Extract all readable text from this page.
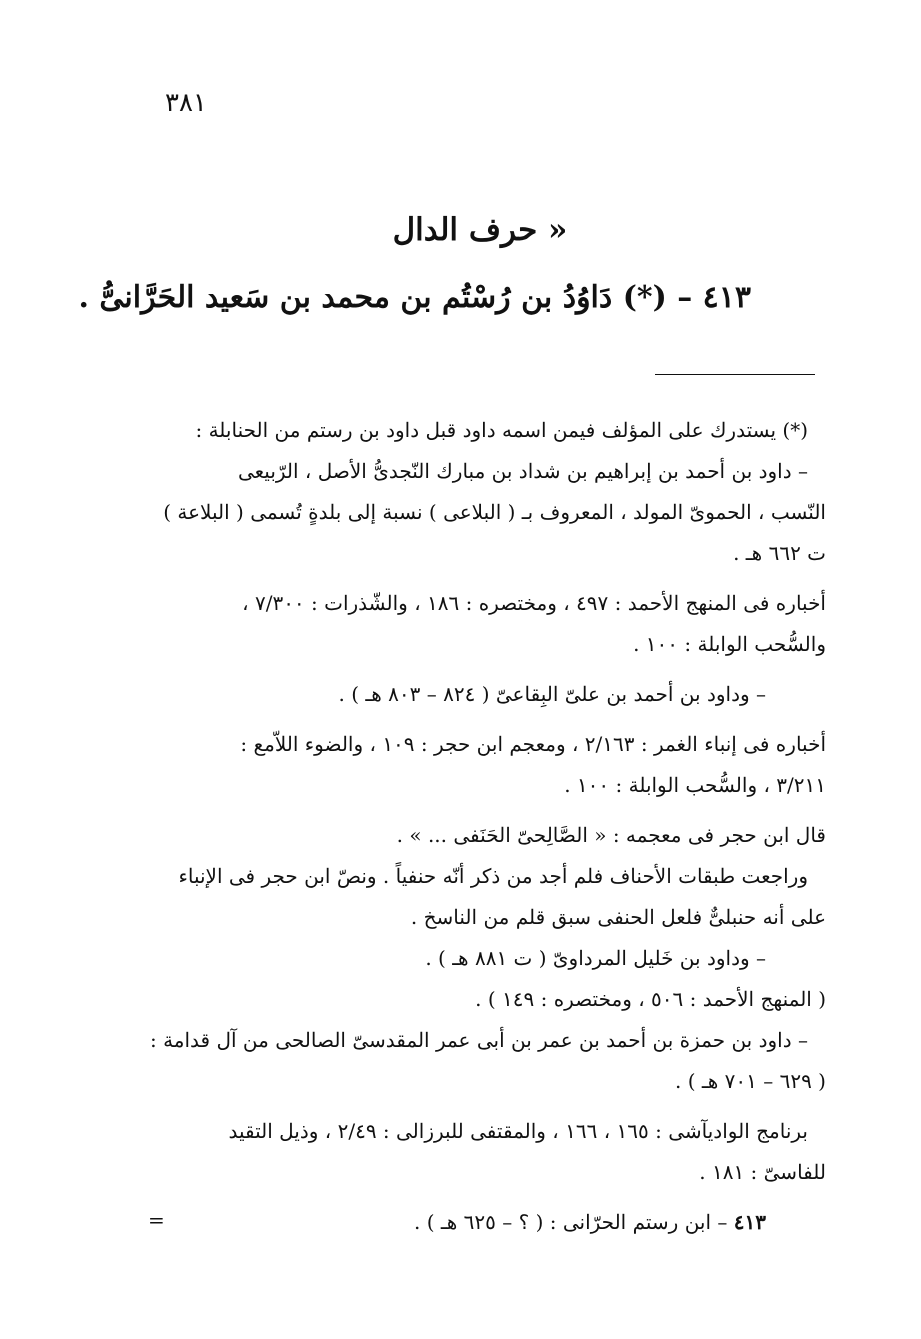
٣٨١
« حرف الدال
٤١٣ – (*) دَاوُدُ بن رُسْتُم بن محمد بن سَعيد الحَرَّانىُّ .

(*) يستدرك على المؤلف فيمن اسمه داود قبل داود بن رستم من الحنابلة :

– داود بن أحمد بن إبراهيم بن شداد بن مبارك النّجدىُّ الأصل ، الرّبيعى

النّسب ، الحموىّ المولد ، المعروف بـ ( البلاعى ) نسبة إلى بلدةٍ تُسمى ( البلاعة )

ت ٦٦٢ هـ .

أخباره فى المنهج الأحمد : ٤٩٧ ، ومختصره : ١٨٦ ، والشّذرات : ٧/٣٠٠ ،

والسُّحب الوابلة : ١٠٠ .

– وداود بن أحمد بن علىّ البِقاعىّ ( ٨٢٤ – ٨٠٣ هـ ) .

أخباره فى إنباء الغمر : ٢/١٦٣ ، ومعجم ابن حجر : ١٠٩ ، والضوء اللاّمع :

٣/٢١١ ، والسُّحب الوابلة : ١٠٠ .

قال ابن حجر فى معجمه : « الصَّالِحىّ الحَنَفى ... » .

وراجعت طبقات الأحناف فلم أجد من ذكر أنّه حنفياً . ونصّ ابن حجر فى الإنباء

على أنه حنبلىٌّ فلعل الحنفى سبق قلم من الناسخ .

– وداود بن خَليل المرداوىّ ( ت ٨٨١ هـ ) .

( المنهج الأحمد : ٥٠٦ ، ومختصره : ١٤٩ ) .

– داود بن حمزة بن أحمد بن عمر بن أبى عمر المقدسىّ الصالحى من آل قدامة :

( ٦٢٩ – ٧٠١ هـ ) .

برنامج الواديآشى : ١٦٥ ، ١٦٦ ، والمقتفى للبرزالى : ٢/٤٩ ، وذيل التقيد

للفاسىّ : ١٨١ .

٤١٣ – ابن رستم الحرّانى : ( ؟ – ٦٢٥ هـ ) .
=
